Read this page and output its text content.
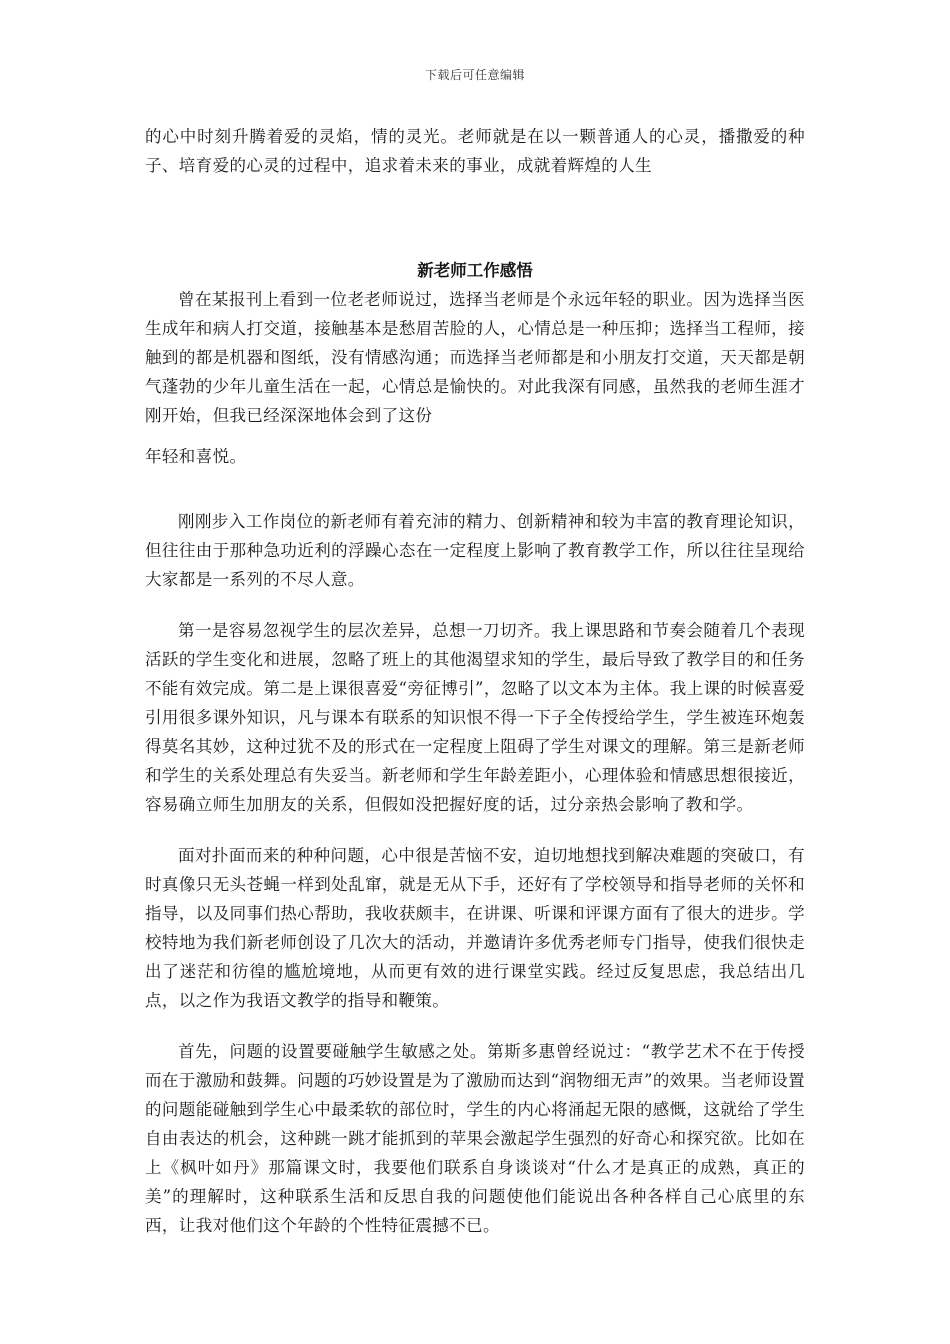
下载后可任意编辑

的心中时刻升腾着爱的灵焰，情的灵光。老师就是在以一颗普通人的心灵，播撒爱的种子、培育爱的心灵的过程中，追求着未来的事业，成就着辉煌的人生

新老师工作感悟

曾在某报刊上看到一位老老师说过，选择当老师是个永远年轻的职业。因为选择当医生成年和病人打交道，接触基本是愁眉苦脸的人，心情总是一种压抑；选择当工程师，接触到的都是机器和图纸，没有情感沟通；而选择当老师都是和小朋友打交道，天天都是朝气蓬勃的少年儿童生活在一起，心情总是愉快的。对此我深有同感，虽然我的老师生涯才刚开始，但我已经深深地体会到了这份

年轻和喜悦。

刚刚步入工作岗位的新老师有着充沛的精力、创新精神和较为丰富的教育理论知识，但往往由于那种急功近利的浮躁心态在一定程度上影响了教育教学工作，所以往往呈现给大家都是一系列的不尽人意。

第一是容易忽视学生的层次差异，总想一刀切齐。我上课思路和节奏会随着几个表现活跃的学生变化和进展，忽略了班上的其他渴望求知的学生，最后导致了教学目的和任务不能有效完成。第二是上课很喜爱“旁征博引”，忽略了以文本为主体。我上课的时候喜爱引用很多课外知识，凡与课本有联系的知识恨不得一下子全传授给学生，学生被连环炮轰得莫名其妙，这种过犹不及的形式在一定程度上阻碍了学生对课文的理解。第三是新老师和学生的关系处理总有失妥当。新老师和学生年龄差距小，心理体验和情感思想很接近，容易确立师生加朋友的关系，但假如没把握好度的话，过分亲热会影响了教和学。

面对扑面而来的种种问题，心中很是苦恼不安，迫切地想找到解决难题的突破口，有时真像只无头苍蝇一样到处乱窜，就是无从下手，还好有了学校领导和指导老师的关怀和指导，以及同事们热心帮助，我收获颇丰，在讲课、听课和评课方面有了很大的进步。学校特地为我们新老师创设了几次大的活动，并邀请许多优秀老师专门指导，使我们很快走出了迷茫和彷徨的尴尬境地，从而更有效的进行课堂实践。经过反复思虑，我总结出几点，以之作为我语文教学的指导和鞭策。

首先，问题的设置要碰触学生敏感之处。第斯多惠曾经说过：“教学艺术不在于传授而在于激励和鼓舞。问题的巧妙设置是为了激励而达到“润物细无声”的效果。当老师设置的问题能碰触到学生心中最柔软的部位时，学生的内心将涌起无限的感慨，这就给了学生自由表达的机会，这种跳一跳才能抓到的苹果会激起学生强烈的好奇心和探究欲。比如在上《枫叶如丹》那篇课文时，我要他们联系自身谈谈对“什么才是真正的成熟，真正的美”的理解时，这种联系生活和反思自我的问题使他们能说出各种各样自己心底里的东西，让我对他们这个年龄的个性特征震撼不已。
